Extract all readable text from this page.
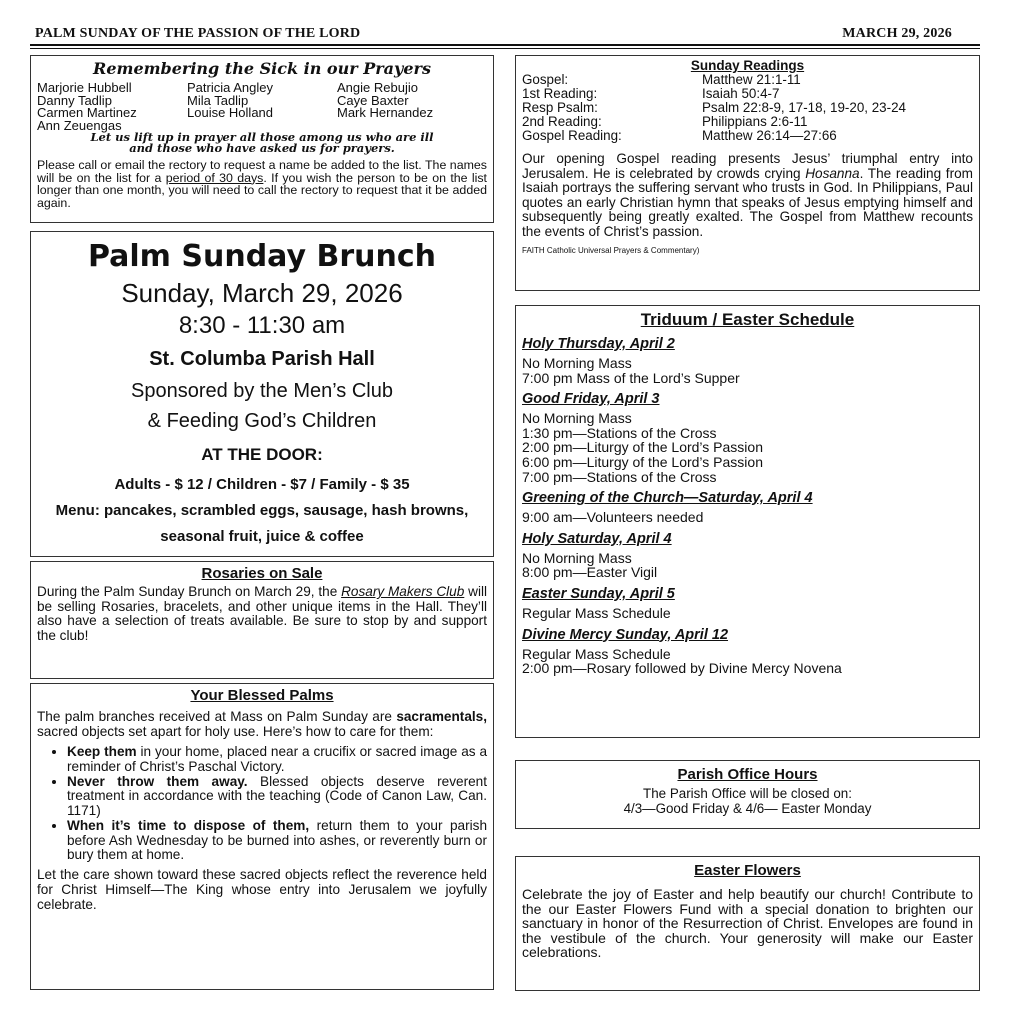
PALM SUNDAY OF THE PASSION OF THE LORD	MARCH 29, 2026
Remembering the Sick in our Prayers
Marjorie Hubbell	Patricia Angley	Angie Rebujio
Danny Tadlip	Mila Tadlip	Caye Baxter
Carmen Martinez	Louise Holland	Mark Hernandez
Ann Zeuengas
Let us lift up in prayer all those among us who are ill
and those who have asked us for prayers.
Please call or email the rectory to request a name be added to the list. The names will be on the list for a period of 30 days. If you wish the person to be on the list longer than one month, you will need to call the rectory to request that it be added again.
Palm Sunday Brunch
Sunday, March 29, 2026
8:30 - 11:30 am
St. Columba Parish Hall
Sponsored by the Men’s Club
& Feeding God’s Children
AT THE DOOR:
Adults - $ 12 / Children - $7 / Family - $ 35
Menu: pancakes, scrambled eggs, sausage, hash browns, seasonal fruit, juice & coffee
Rosaries on Sale
During the Palm Sunday Brunch on March 29, the Rosary Makers Club will be selling Rosaries, bracelets, and other unique items in the Hall. They’ll also have a selection of treats available. Be sure to stop by and support the club!
Your Blessed Palms
The palm branches received at Mass on Palm Sunday are sacramentals, sacred objects set apart for holy use. Here’s how to care for them:
• Keep them in your home, placed near a crucifix or sacred image as a reminder of Christ’s Paschal Victory.
• Never throw them away. Blessed objects deserve reverent treatment in accordance with the teaching (Code of Canon Law, Can. 1171)
• When it’s time to dispose of them, return them to your parish before Ash Wednesday to be burned into ashes, or reverently burn or bury them at home.
Let the care shown toward these sacred objects reflect the reverence held for Christ Himself—The King whose entry into Jerusalem we joyfully celebrate.
Sunday Readings
Gospel:	Matthew 21:1-11
1st Reading:	Isaiah 50:4-7
Resp Psalm:	Psalm 22:8-9, 17-18, 19-20, 23-24
2nd Reading:	Philippians 2:6-11
Gospel Reading:	Matthew 26:14—27:66
Our opening Gospel reading presents Jesus’ triumphal entry into Jerusalem. He is celebrated by crowds crying Hosanna. The reading from Isaiah portrays the suffering servant who trusts in God. In Philippians, Paul quotes an early Christian hymn that speaks of Jesus emptying himself and subsequently being greatly exalted. The Gospel from Matthew recounts the events of Christ’s passion.
FAITH Catholic Universal Prayers & Commentary)
Triduum / Easter Schedule
Holy Thursday, April 2
No Morning Mass
7:00 pm Mass of the Lord’s Supper
Good Friday, April 3
No Morning Mass
1:30 pm—Stations of the Cross
2:00 pm—Liturgy of the Lord’s Passion
6:00 pm—Liturgy of the Lord’s Passion
7:00 pm—Stations of the Cross
Greening of the Church—Saturday, April 4
9:00 am—Volunteers needed
Holy Saturday, April 4
No Morning Mass
8:00 pm—Easter Vigil
Easter Sunday, April 5
Regular Mass Schedule
Divine Mercy Sunday, April 12
Regular Mass Schedule
2:00 pm—Rosary followed by Divine Mercy Novena
Parish Office Hours
The Parish Office will be closed on:
4/3—Good Friday & 4/6— Easter Monday
Easter Flowers
Celebrate the joy of Easter and help beautify our church! Contribute to the our Easter Flowers Fund with a special donation to brighten our sanctuary in honor of the Resurrection of Christ. Envelopes are found in the vestibule of the church. Your generosity will make our Easter celebrations.
